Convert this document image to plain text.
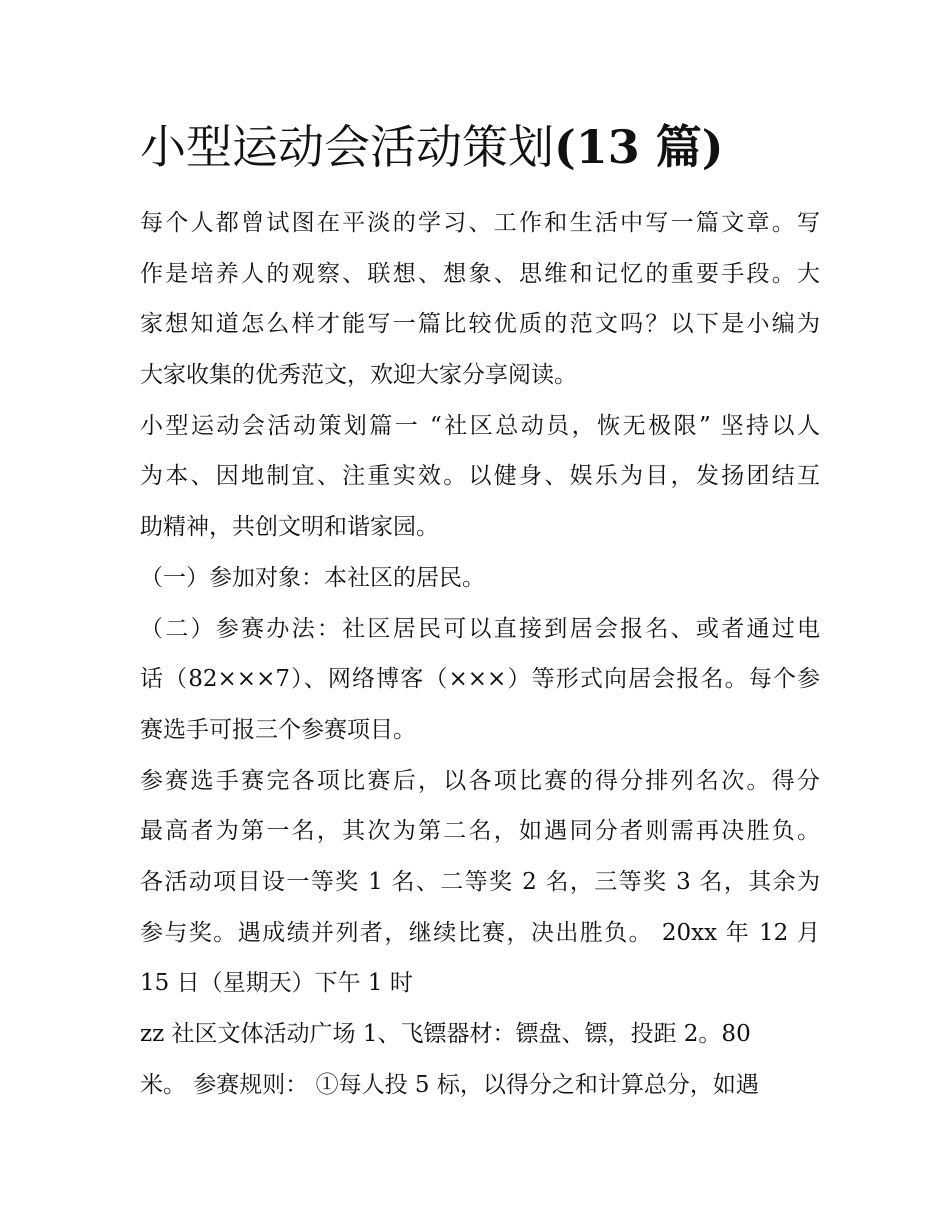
小型运动会活动策划(13 篇)
每个人都曾试图在平淡的学习、工作和生活中写一篇文章。写
作是培养人的观察、联想、想象、思维和记忆的重要手段。大
家想知道怎么样才能写一篇比较优质的范文吗？以下是小编为
大家收集的优秀范文，欢迎大家分享阅读。
小型运动会活动策划篇一 “社区总动员，恢无极限” 坚持以人
为本、因地制宜、注重实效。以健身、娱乐为目，发扬团结互
助精神，共创文明和谐家园。
（一）参加对象：本社区的居民。
（二）参赛办法：社区居民可以直接到居会报名、或者通过电
话（82×××7）、网络博客（×××）等形式向居会报名。每个参
赛选手可报三个参赛项目。
参赛选手赛完各项比赛后，以各项比赛的得分排列名次。得分
最高者为第一名，其次为第二名，如遇同分者则需再决胜负。
各活动项目设一等奖 1 名、二等奖 2 名，三等奖 3 名，其余为
参与奖。遇成绩并列者，继续比赛，决出胜负。 20xx 年 12 月
15 日（星期天）下午 1 时
zz 社区文体活动广场 1、飞镖器材：镖盘、镖，投距 2。80
米。 参赛规则： ①每人投 5 标，以得分之和计算总分，如遇
